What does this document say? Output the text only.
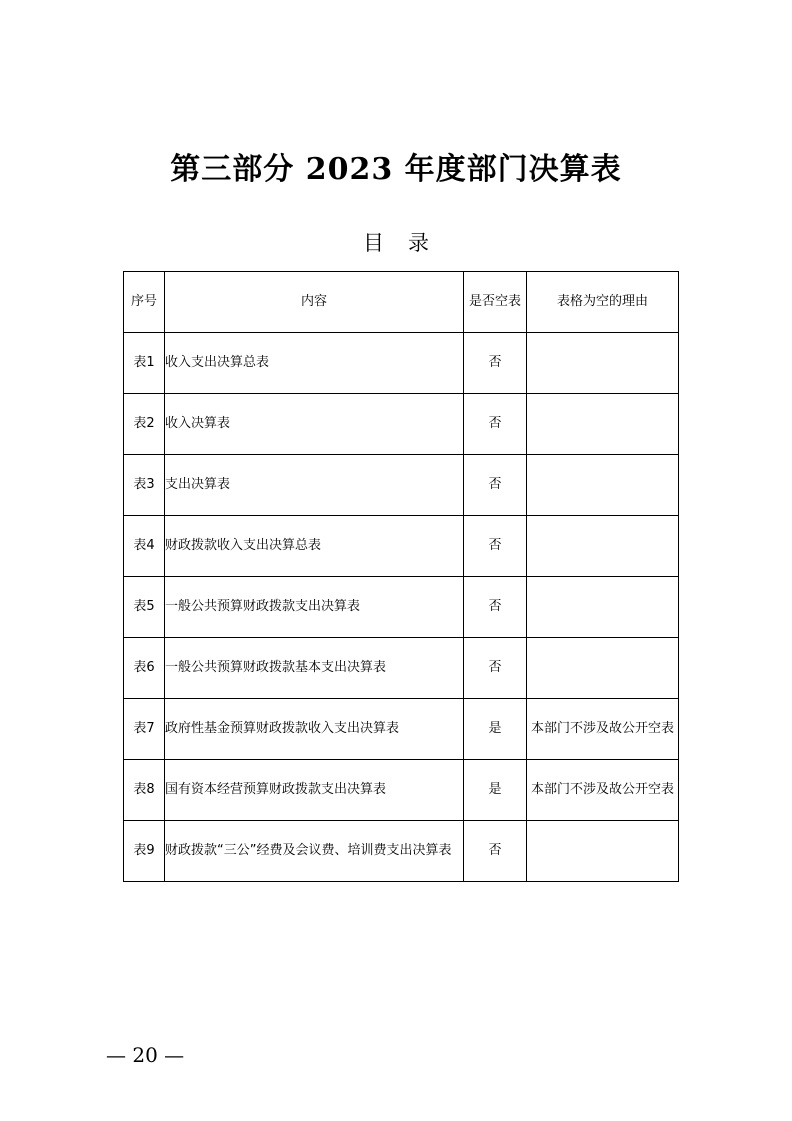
第三部分 2023 年度部门决算表
目 录
序号	内容	是否空表	表格为空的理由
表1	收入支出决算总表	否	
表2	收入决算表	否	
表3	支出决算表	否	
表4	财政拨款收入支出决算总表	否	
表5	一般公共预算财政拨款支出决算表	否	
表6	一般公共预算财政拨款基本支出决算表	否	
表7	政府性基金预算财政拨款收入支出决算表	是	本部门不涉及故公开空表
表8	国有资本经营预算财政拨款支出决算表	是	本部门不涉及故公开空表
表9	财政拨款“三公”经费及会议费、培训费支出决算表	否	
— 20 —
